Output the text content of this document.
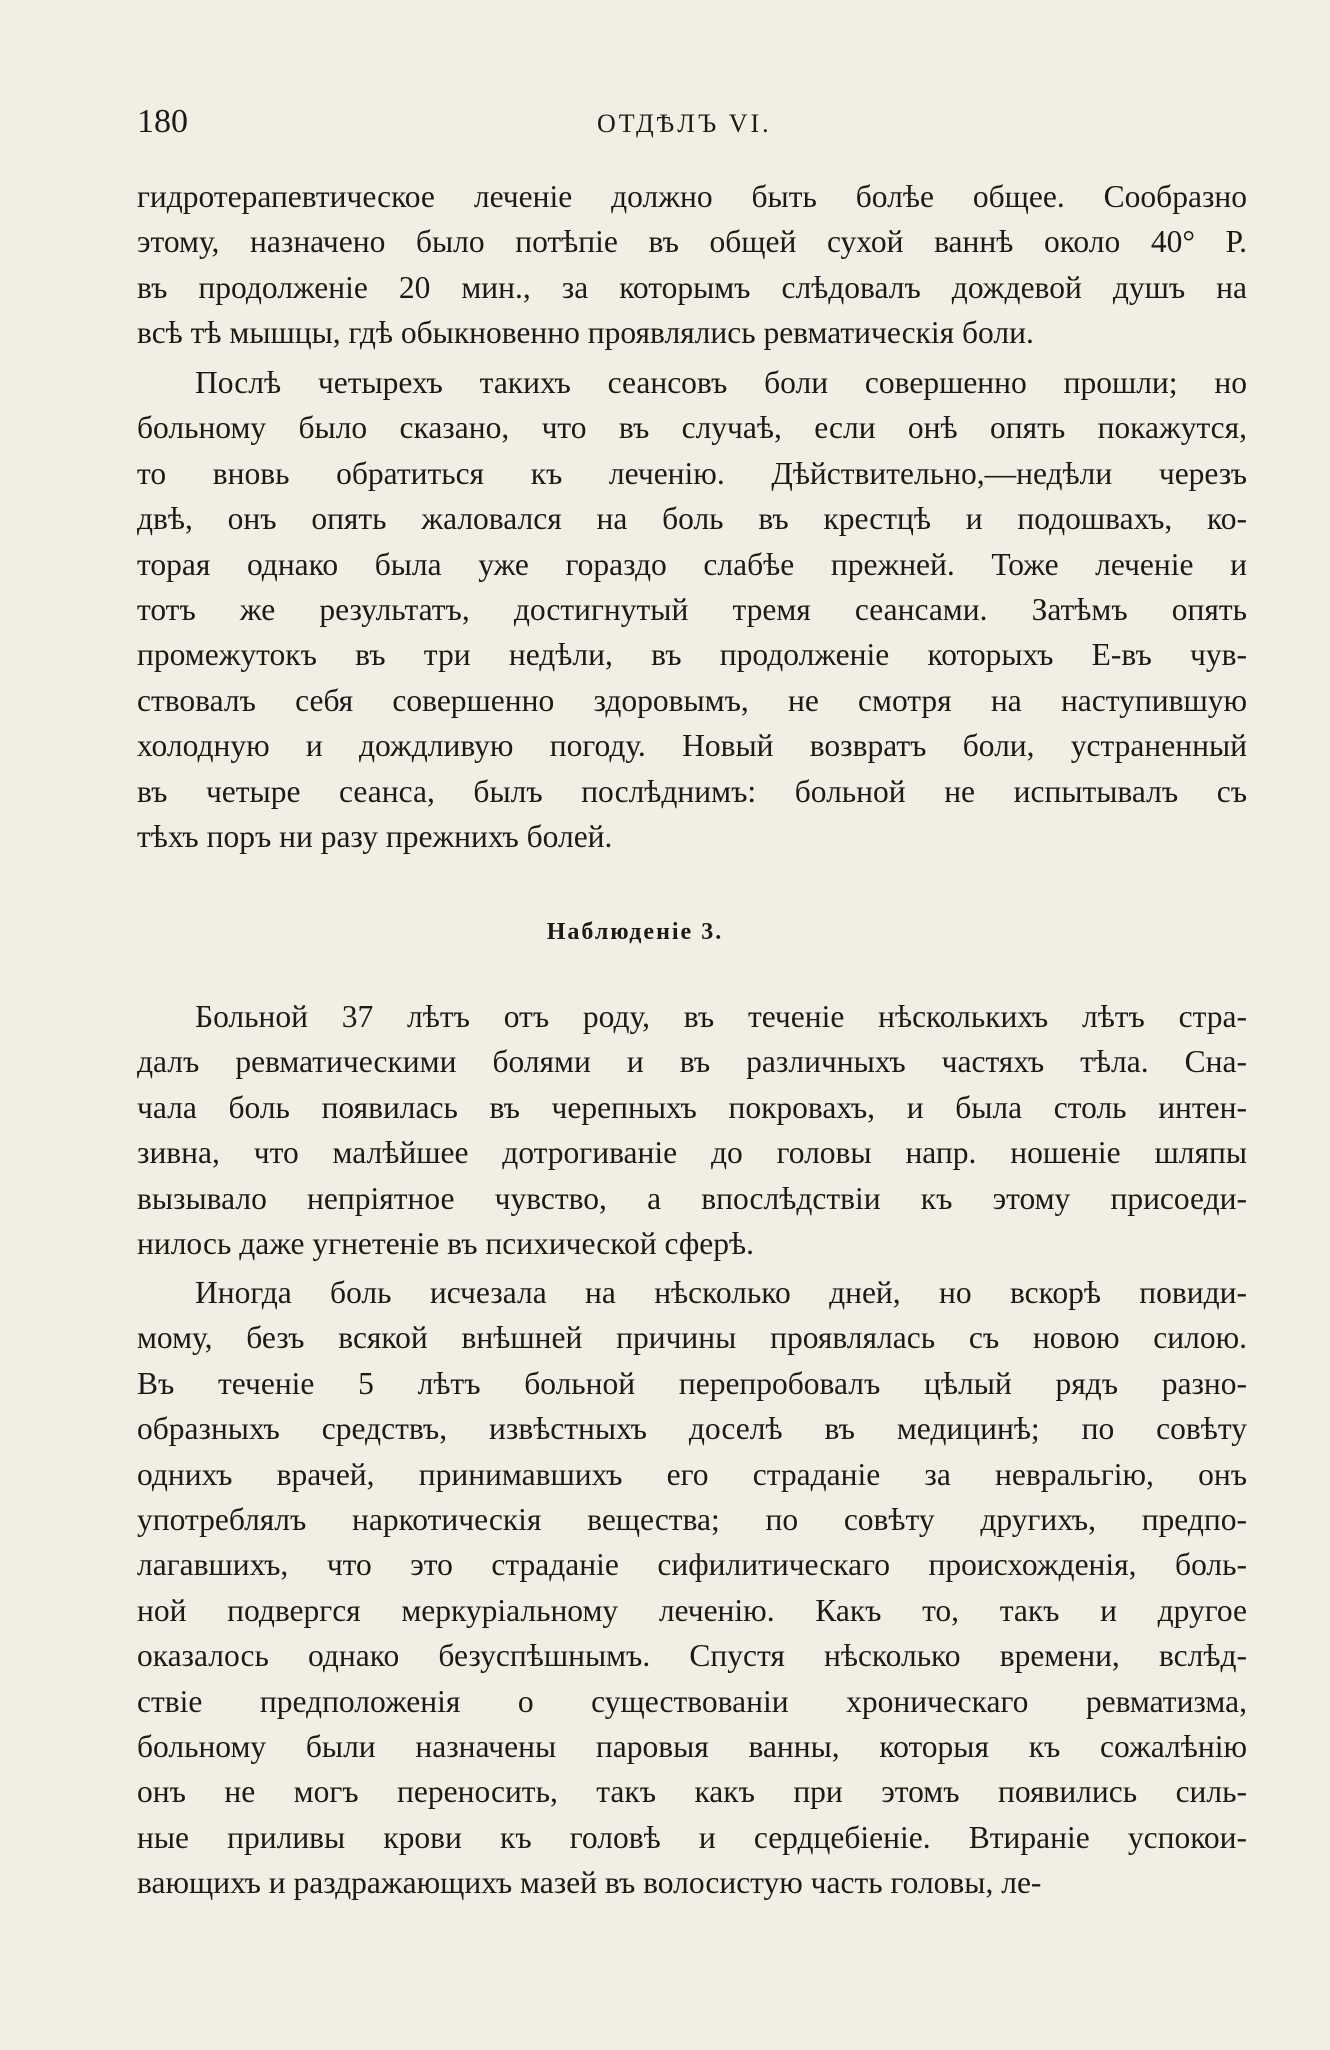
180	ОТДѢЛЪ VI.
гидротерапевтическое леченіе должно быть болѣе общее. Сообразно
этому, назначено было потѣпіе въ общей сухой ваннѣ около 40° Р.
въ продолженіе 20 мин., за которымъ слѣдовалъ дождевой душъ на
всѣ тѣ мышцы, гдѣ обыкновенно проявлялись ревматическія боли.
Послѣ четырехъ такихъ сеансовъ боли совершенно прошли; но
больному было сказано, что въ случаѣ, если онѣ опять покажутся,
то вновь обратиться къ леченію. Дѣйствительно,—недѣли черезъ
двѣ, онъ опять жаловался на боль въ крестцѣ и подошвахъ, ко-
торая однако была уже гораздо слабѣе прежней. Тоже леченіе и
тотъ же результатъ, достигнутый тремя сеансами. Затѣмъ опять
промежутокъ въ три недѣли, въ продолженіе которыхъ Е-въ чув-
ствовалъ себя совершенно здоровымъ, не смотря на наступившую
холодную и дождливую погоду. Новый возвратъ боли, устраненный
въ четыре сеанса, былъ послѣднимъ: больной не испытывалъ съ
тѣхъ поръ ни разу прежнихъ болей.
Наблюденіе 3.
Больной 37 лѣтъ отъ роду, въ теченіе нѣсколькихъ лѣтъ стра-
далъ ревматическими болями и въ различныхъ частяхъ тѣла. Сна-
чала боль появилась въ черепныхъ покровахъ, и была столь интен-
зивна, что малѣйшее дотрогиваніе до головы напр. ношеніе шляпы
вызывало непріятное чувство, а впослѣдствіи къ этому присоеди-
нилось даже угнетеніе въ психической сферѣ.
Иногда боль исчезала на нѣсколько дней, но вскорѣ повиди-
мому, безъ всякой внѣшней причины проявлялась съ новою силою.
Въ теченіе 5 лѣтъ больной перепробовалъ цѣлый рядъ разно-
образныхъ средствъ, извѣстныхъ доселѣ въ медицинѣ; по совѣту
однихъ врачей, принимавшихъ его страданіе за невральгію, онъ
употреблялъ наркотическія вещества; по совѣту другихъ, предпо-
лагавшихъ, что это страданіе сифилитическаго происхожденія, боль-
ной подвергся меркуріальному леченію. Какъ то, такъ и другое
оказалось однако безуспѣшнымъ. Спустя нѣсколько времени, вслѣд-
ствіе предположенія о существованіи хроническаго ревматизма,
больному были назначены паровыя ванны, которыя къ сожалѣнію
онъ не могъ переносить, такъ какъ при этомъ появились силь-
ные приливы крови къ головѣ и сердцебіеніе. Втираніе успокои-
вающихъ и раздражающихъ мазей въ волосистую часть головы, ле-
